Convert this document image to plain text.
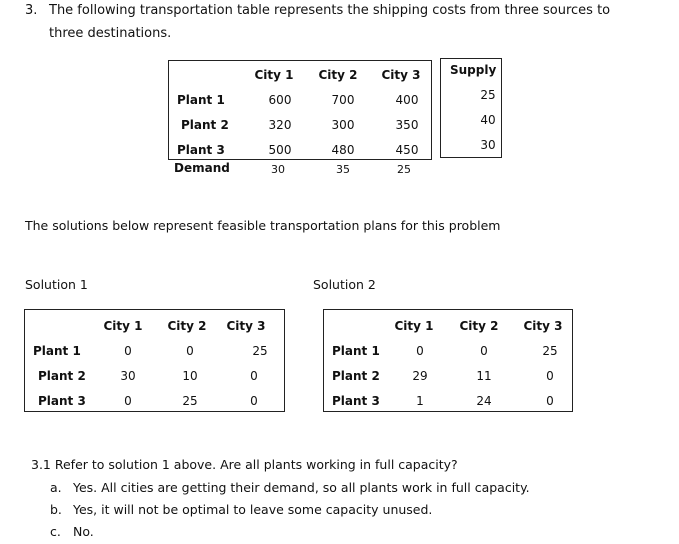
3. The following transportation table represents the shipping costs from three sources to
three destinations.
City 1 City 2 City 3 Supply
Plant 1	600	700	400	25
Plant 2	320	300	350	40
Plant 3	500	480	450	30
Demand	30	35	25
The solutions below represent feasible transportation plans for this problem
Solution 1
City 1 City 2 City 3
Plant 1	0	0	25
Plant 2	30	10	0
Plant 3	0	25	0
Solution 2
City 1 City 2 City 3
Plant 1	0	0	25
Plant 2	29	11	0
Plant 3	1	24	0
3.1 Refer to solution 1 above. Are all plants working in full capacity?
a. Yes. All cities are getting their demand, so all plants work in full capacity.
b. Yes, it will not be optimal to leave some capacity unused.
c. No.
